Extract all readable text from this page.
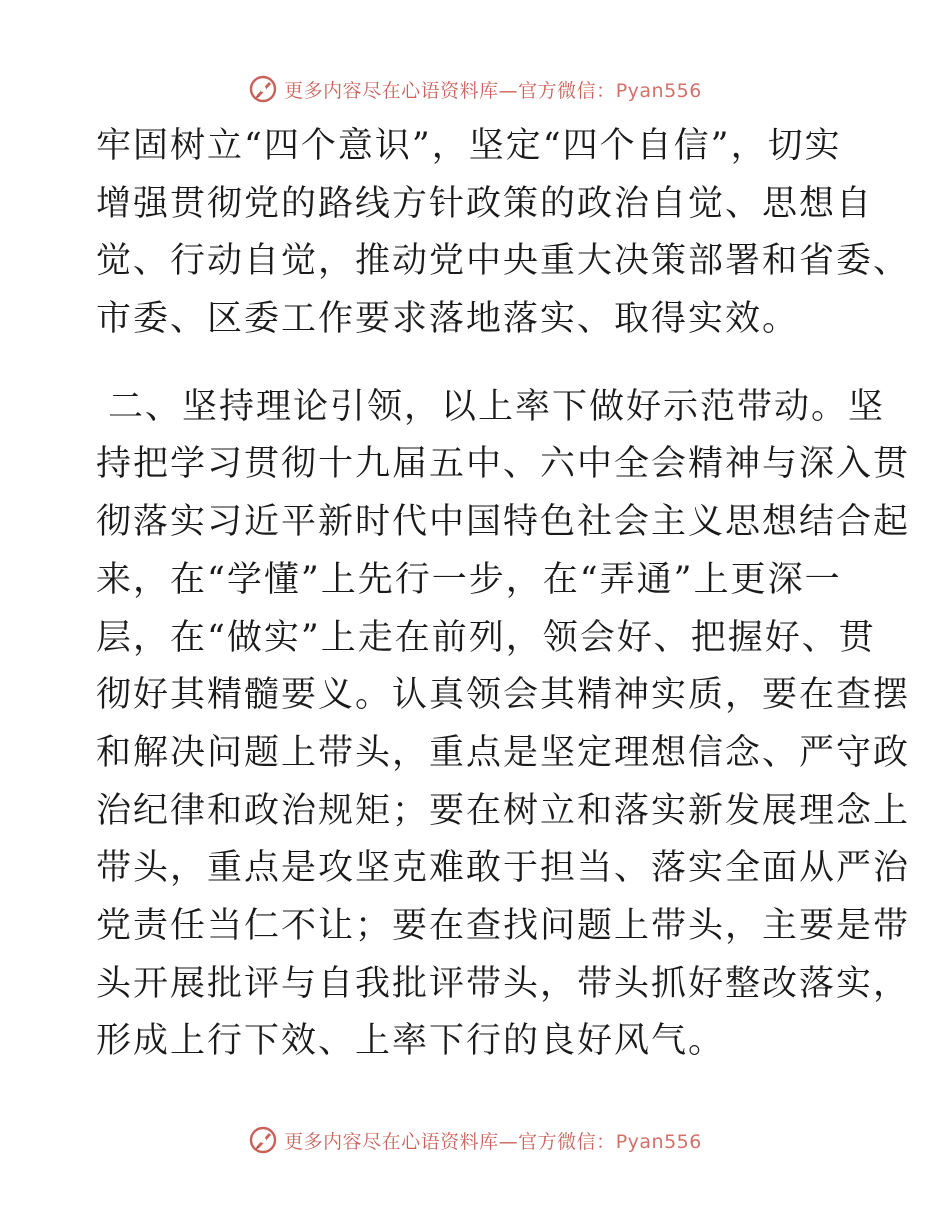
更多内容尽在心语资料库—官方微信：Pyan556
牢固树立“四个意识”，坚定“四个自信”，切实
增强贯彻党的路线方针政策的政治自觉、思想自
觉、行动自觉，推动党中央重大决策部署和省委、
市委、区委工作要求落地落实、取得实效。
二、坚持理论引领，以上率下做好示范带动。坚
持把学习贯彻十九届五中、六中全会精神与深入贯
彻落实习近平新时代中国特色社会主义思想结合起
来，在“学懂”上先行一步，在“弄通”上更深一
层，在“做实”上走在前列，领会好、把握好、贯
彻好其精髓要义。认真领会其精神实质，要在查摆
和解决问题上带头，重点是坚定理想信念、严守政
治纪律和政治规矩；要在树立和落实新发展理念上
带头，重点是攻坚克难敢于担当、落实全面从严治
党责任当仁不让；要在查找问题上带头，主要是带
头开展批评与自我批评带头，带头抓好整改落实，
形成上行下效、上率下行的良好风气。
更多内容尽在心语资料库—官方微信：Pyan556
